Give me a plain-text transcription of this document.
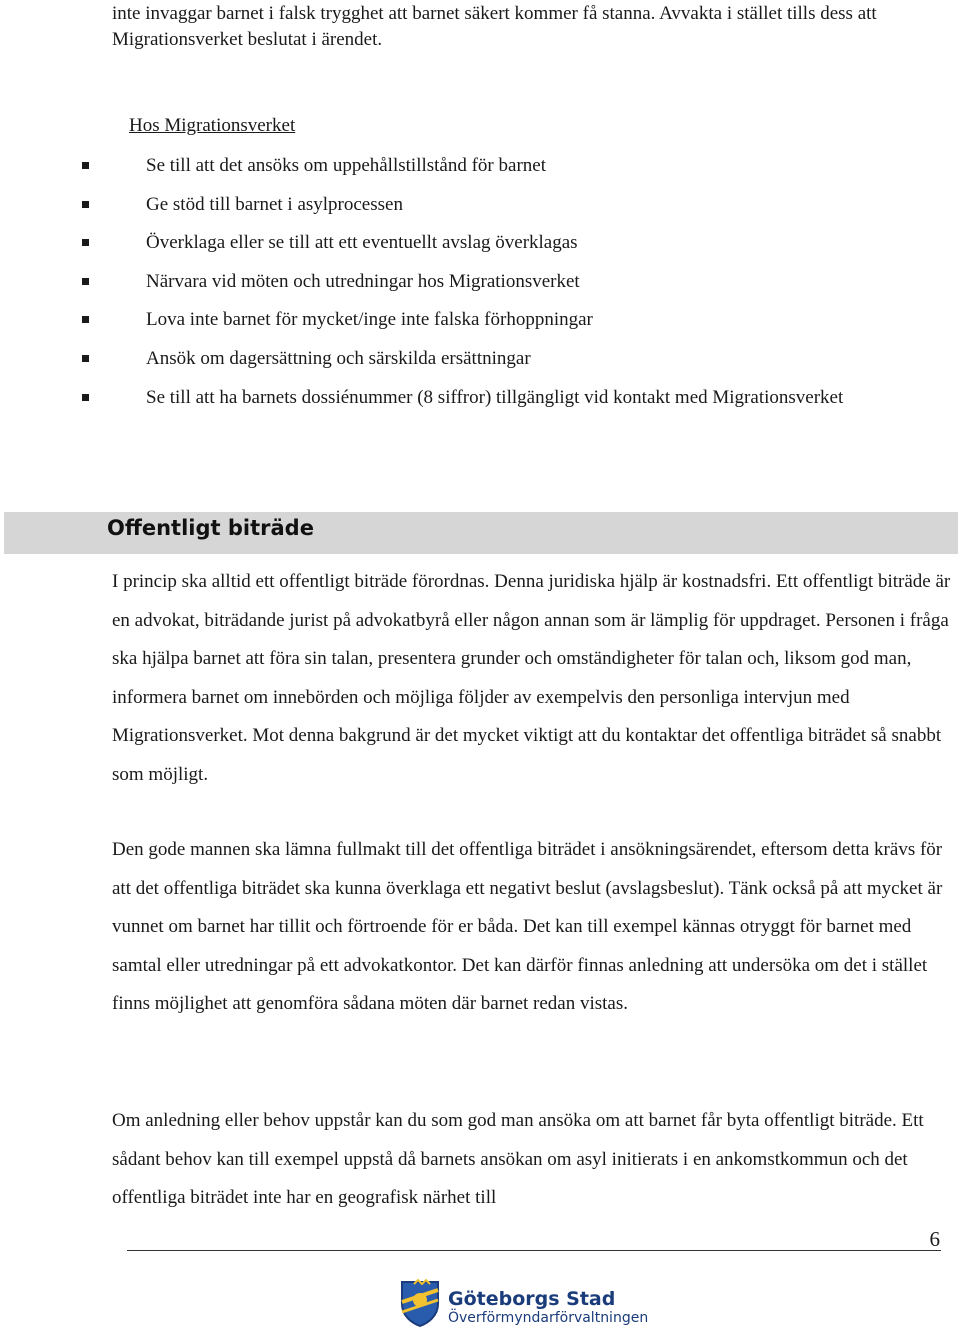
inte invaggar barnet i falsk trygghet att barnet säkert kommer få stanna. Avvakta i stället tills dess att Migrationsverket beslutat i ärendet.

Hos Migrationsverket
Se till att det ansöks om uppehållstillstånd för barnet
Ge stöd till barnet i asylprocessen
Överklaga eller se till att ett eventuellt avslag överklagas
Närvara vid möten och utredningar hos Migrationsverket
Lova inte barnet för mycket/inge inte falska förhoppningar
Ansök om dagersättning och särskilda ersättningar
Se till att ha barnets dossiénummer (8 siffror) tillgängligt vid kontakt med Migrationsverket
Offentligt biträde

I princip ska alltid ett offentligt biträde förordnas. Denna juridiska hjälp är kostnadsfri. Ett offentligt biträde är en advokat, biträdande jurist på advokatbyrå eller någon annan som är lämplig för uppdraget. Personen i fråga ska hjälpa barnet att föra sin talan, presentera grunder och omständigheter för talan och, liksom god man, informera barnet om innebörden och möjliga följder av exempelvis den personliga intervjun med Migrationsverket. Mot denna bakgrund är det mycket viktigt att du kontaktar det offentliga biträdet så snabbt som möjligt.

Den gode mannen ska lämna fullmakt till det offentliga biträdet i ansökningsärendet, eftersom detta krävs för att det offentliga biträdet ska kunna överklaga ett negativt beslut (avslagsbeslut). Tänk också på att mycket är vunnet om barnet har tillit och förtroende för er båda. Det kan till exempel kännas otryggt för barnet med samtal eller utredningar på ett advokatkontor. Det kan därför finnas anledning att undersöka om det i stället finns möjlighet att genomföra sådana möten där barnet redan vistas.

Om anledning eller behov uppstår kan du som god man ansöka om att barnet får byta offentligt biträde. Ett sådant behov kan till exempel uppstå då barnets ansökan om asyl initierats i en ankomstkommun och det offentliga biträdet inte har en geografisk närhet till

6
Göteborgs Stad
Överförmyndarförvaltningen
